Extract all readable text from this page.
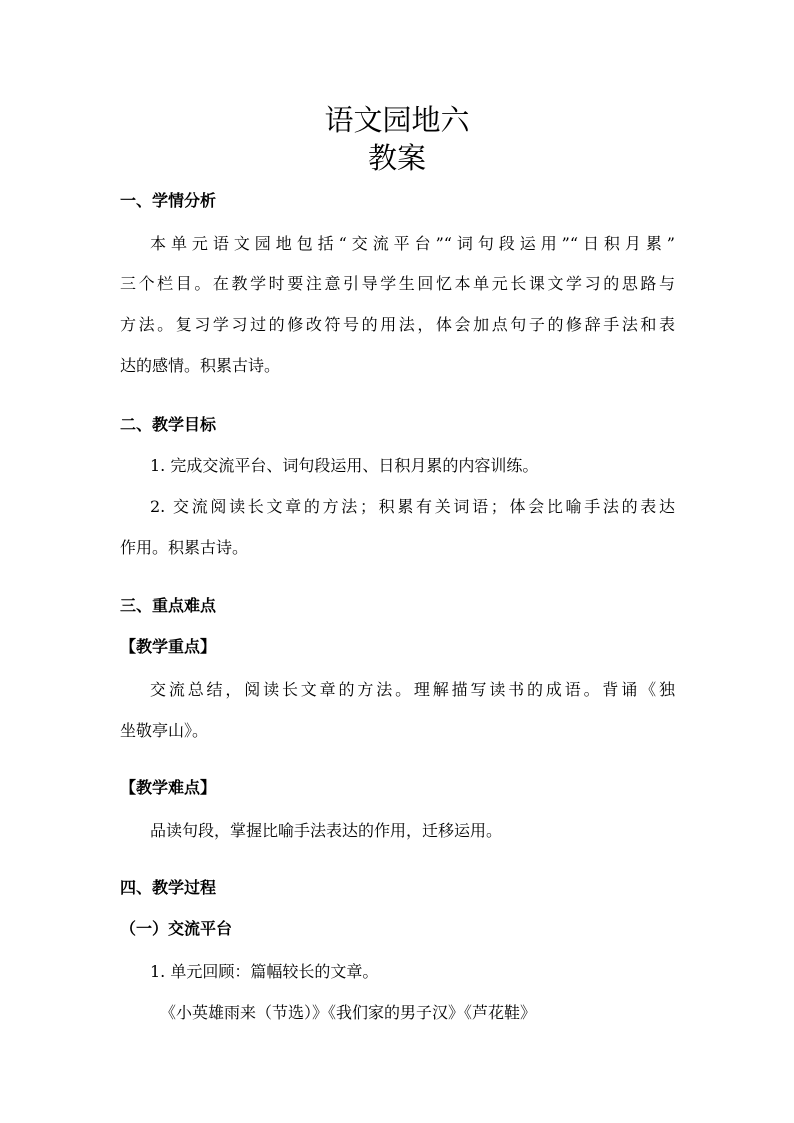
语文园地六
教案
一、学情分析
本单元语文园地包括“交流平台”“词句段运用”“日积月累”
三个栏目。在教学时要注意引导学生回忆本单元长课文学习的思路与
方法。复习学习过的修改符号的用法，体会加点句子的修辞手法和表
达的感情。积累古诗。
二、教学目标
1. 完成交流平台、词句段运用、日积月累的内容训练。
2. 交流阅读长文章的方法；积累有关词语；体会比喻手法的表达
作用。积累古诗。
三、重点难点
【教学重点】
交流总结，阅读长文章的方法。理解描写读书的成语。背诵《独
坐敬亭山》。
【教学难点】
品读句段，掌握比喻手法表达的作用，迁移运用。
四、教学过程
（一）交流平台
1. 单元回顾：篇幅较长的文章。
《小英雄雨来（节选）》《我们家的男子汉》《芦花鞋》
